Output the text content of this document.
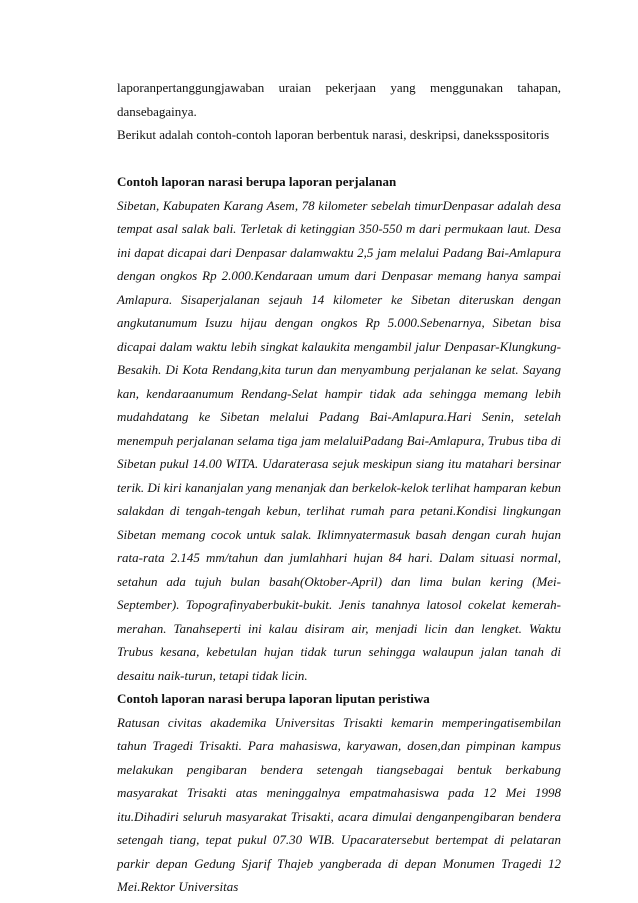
laporanpertanggungjawaban uraian pekerjaan yang menggunakan tahapan, dansebagainya.

Berikut adalah contoh-contoh laporan berbentuk narasi, deskripsi, daneksspositoris

Contoh laporan narasi berupa laporan perjalanan

Sibetan, Kabupaten Karang Asem, 78 kilometer sebelah timurDenpasar adalah desa tempat asal salak bali. Terletak di ketinggian 350-550 m dari permukaan laut. Desa ini dapat dicapai dari Denpasar dalamwaktu 2,5 jam melalui Padang Bai-Amlapura dengan ongkos Rp 2.000.Kendaraan umum dari Denpasar memang hanya sampai Amlapura. Sisaperjalanan sejauh 14 kilometer ke Sibetan diteruskan dengan angkutanumum Isuzu hijau dengan ongkos Rp 5.000.Sebenarnya, Sibetan bisa dicapai dalam waktu lebih singkat kalaukita mengambil jalur Denpasar-Klungkung-Besakih. Di Kota Rendang,kita turun dan menyambung perjalanan ke selat. Sayang kan, kendaraanumum Rendang-Selat hampir tidak ada sehingga memang lebih mudahdatang ke Sibetan melalui Padang Bai-Amlapura.Hari Senin, setelah menempuh perjalanan selama tiga jam melaluiPadang Bai-Amlapura, Trubus tiba di Sibetan pukul 14.00 WITA. Udaraterasa sejuk meskipun siang itu matahari bersinar terik. Di kiri kananjalan yang menanjak dan berkelok-kelok terlihat hamparan kebun salakdan di tengah-tengah kebun, terlihat rumah para petani.Kondisi lingkungan Sibetan memang cocok untuk salak. Iklimnyatermasuk basah dengan curah hujan rata-rata 2.145 mm/tahun dan jumlahhari hujan 84 hari. Dalam situasi normal, setahun ada tujuh bulan basah(Oktober-April) dan lima bulan kering (Mei-September). Topografinyaberbukit-bukit. Jenis tanahnya latosol cokelat kemerah-merahan. Tanahseperti ini kalau disiram air, menjadi licin dan lengket. Waktu Trubus kesana, kebetulan hujan tidak turun sehingga walaupun jalan tanah di desaitu naik-turun, tetapi tidak licin.

Contoh laporan narasi berupa laporan liputan peristiwa

Ratusan civitas akademika Universitas Trisakti kemarin memperingatisembilan tahun Tragedi Trisakti. Para mahasiswa, karyawan, dosen,dan pimpinan kampus melakukan pengibaran bendera setengah tiangsebagai bentuk berkabung masyarakat Trisakti atas meninggalnya empatmahasiswa pada 12 Mei 1998 itu.Dihadiri seluruh masyarakat Trisakti, acara dimulai denganpengibaran bendera setengah tiang, tepat pukul 07.30 WIB. Upacaratersebut bertempat di pelataran parkir depan Gedung Sjarif Thajeb yangberada di depan Monumen Tragedi 12 Mei.Rektor Universitas
